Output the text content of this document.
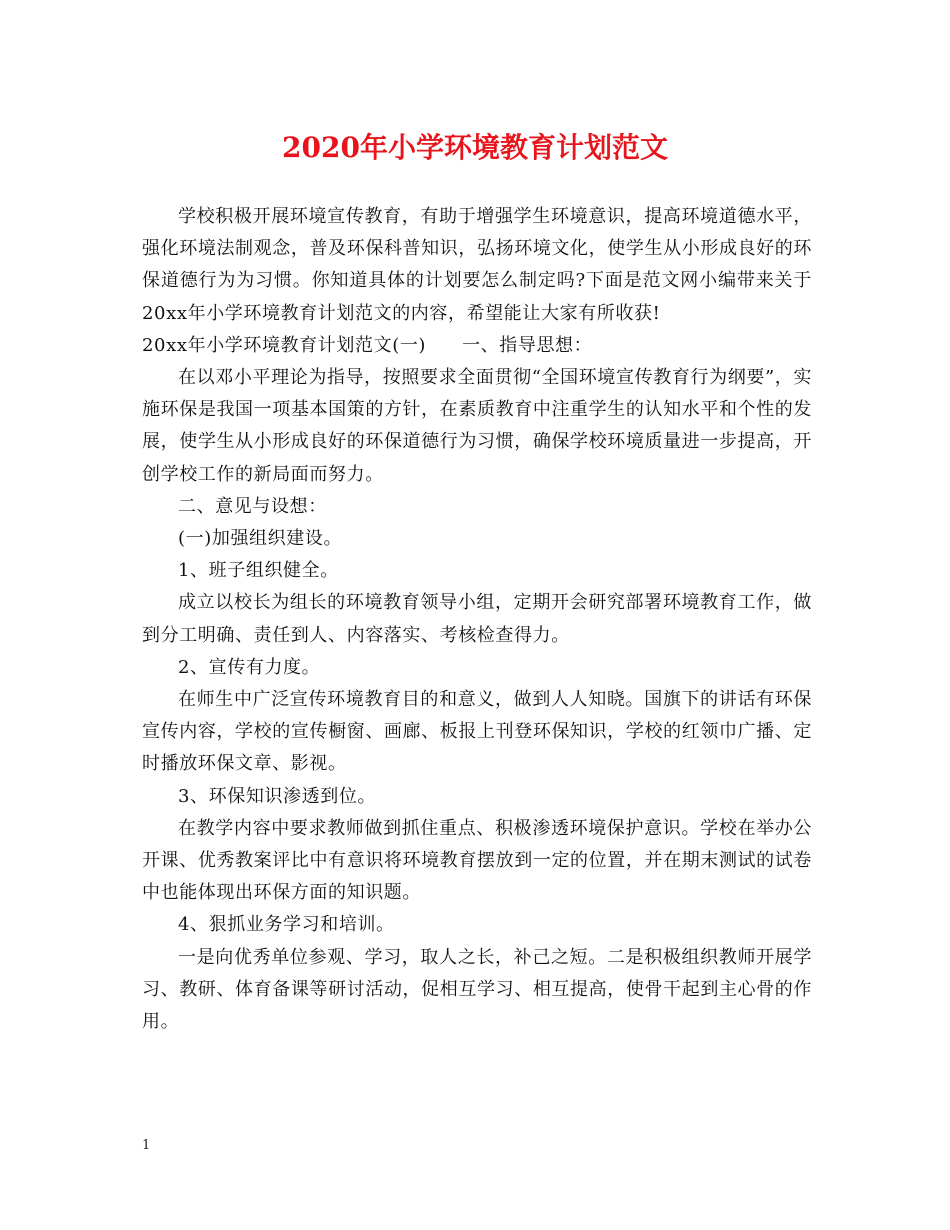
2020年小学环境教育计划范文

学校积极开展环境宣传教育，有助于增强学生环境意识，提高环境道德水平，强化环境法制观念，普及环保科普知识，弘扬环境文化，使学生从小形成良好的环保道德行为为习惯。你知道具体的计划要怎么制定吗?下面是范文网小编带来关于20xx年小学环境教育计划范文的内容，希望能让大家有所收获!

20xx年小学环境教育计划范文(一) 一、指导思想：

在以邓小平理论为指导，按照要求全面贯彻“全国环境宣传教育行为纲要”，实施环保是我国一项基本国策的方针，在素质教育中注重学生的认知水平和个性的发展，使学生从小形成良好的环保道德行为习惯，确保学校环境质量进一步提高，开创学校工作的新局面而努力。

二、意见与设想：

(一)加强组织建设。

1、班子组织健全。

成立以校长为组长的环境教育领导小组，定期开会研究部署环境教育工作，做到分工明确、责任到人、内容落实、考核检查得力。

2、宣传有力度。

在师生中广泛宣传环境教育目的和意义，做到人人知晓。国旗下的讲话有环保宣传内容，学校的宣传橱窗、画廊、板报上刊登环保知识，学校的红领巾广播、定时播放环保文章、影视。

3、环保知识渗透到位。

在教学内容中要求教师做到抓住重点、积极渗透环境保护意识。学校在举办公开课、优秀教案评比中有意识将环境教育摆放到一定的位置，并在期末测试的试卷中也能体现出环保方面的知识题。

4、狠抓业务学习和培训。

一是向优秀单位参观、学习，取人之长，补己之短。二是积极组织教师开展学习、教研、体育备课等研讨活动，促相互学习、相互提高，使骨干起到主心骨的作用。

1
